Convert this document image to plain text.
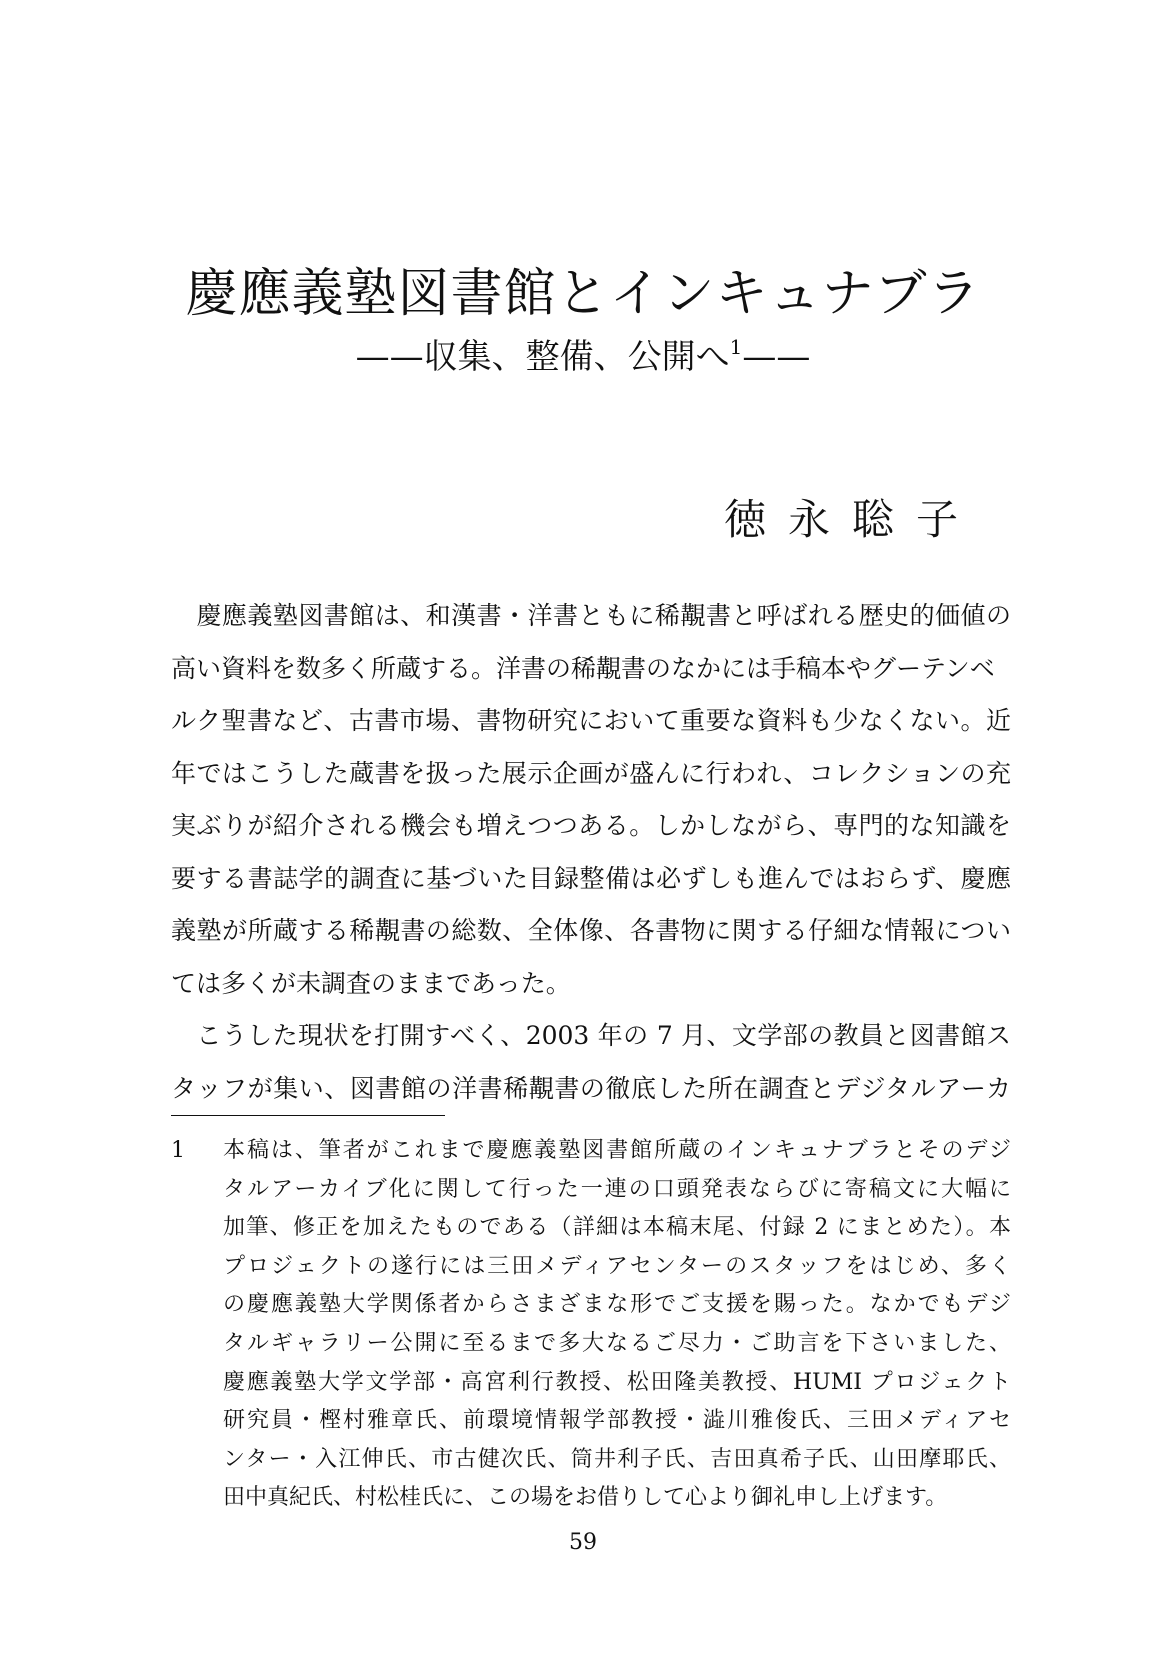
慶應義塾図書館とインキュナブラ
——収集、整備、公開へ$^1$——
徳永聡子
　慶應義塾図書館は、和漢書・洋書ともに稀覯書と呼ばれる歴史的価値の
高い資料を数多く所蔵する。洋書の稀覯書のなかには手稿本やグーテンベ
ルク聖書など、古書市場、書物研究において重要な資料も少なくない。近
年ではこうした蔵書を扱った展示企画が盛んに行われ、コレクションの充
実ぶりが紹介される機会も増えつつある。しかしながら、専門的な知識を
要する書誌学的調査に基づいた目録整備は必ずしも進んではおらず、慶應
義塾が所蔵する稀覯書の総数、全体像、各書物に関する仔細な情報につい
ては多くが未調査のままであった。
　こうした現状を打開すべく、2003 年の 7 月、文学部の教員と図書館ス
タッフが集い、図書館の洋書稀覯書の徹底した所在調査とデジタルアーカ
1	本稿は、筆者がこれまで慶應義塾図書館所蔵のインキュナブラとそのデジ
タルアーカイブ化に関して行った一連の口頭発表ならびに寄稿文に大幅に
加筆、修正を加えたものである（詳細は本稿末尾、付録 2 にまとめた）。本
プロジェクトの遂行には三田メディアセンターのスタッフをはじめ、多く
の慶應義塾大学関係者からさまざまな形でご支援を賜った。なかでもデジ
タルギャラリー公開に至るまで多大なるご尽力・ご助言を下さいました、
慶應義塾大学文学部・高宮利行教授、松田隆美教授、HUMI プロジェクト
研究員・樫村雅章氏、前環境情報学部教授・澁川雅俊氏、三田メディアセ
ンター・入江伸氏、市古健次氏、筒井利子氏、吉田真希子氏、山田摩耶氏、
田中真紀氏、村松桂氏に、この場をお借りして心より御礼申し上げます。
59
